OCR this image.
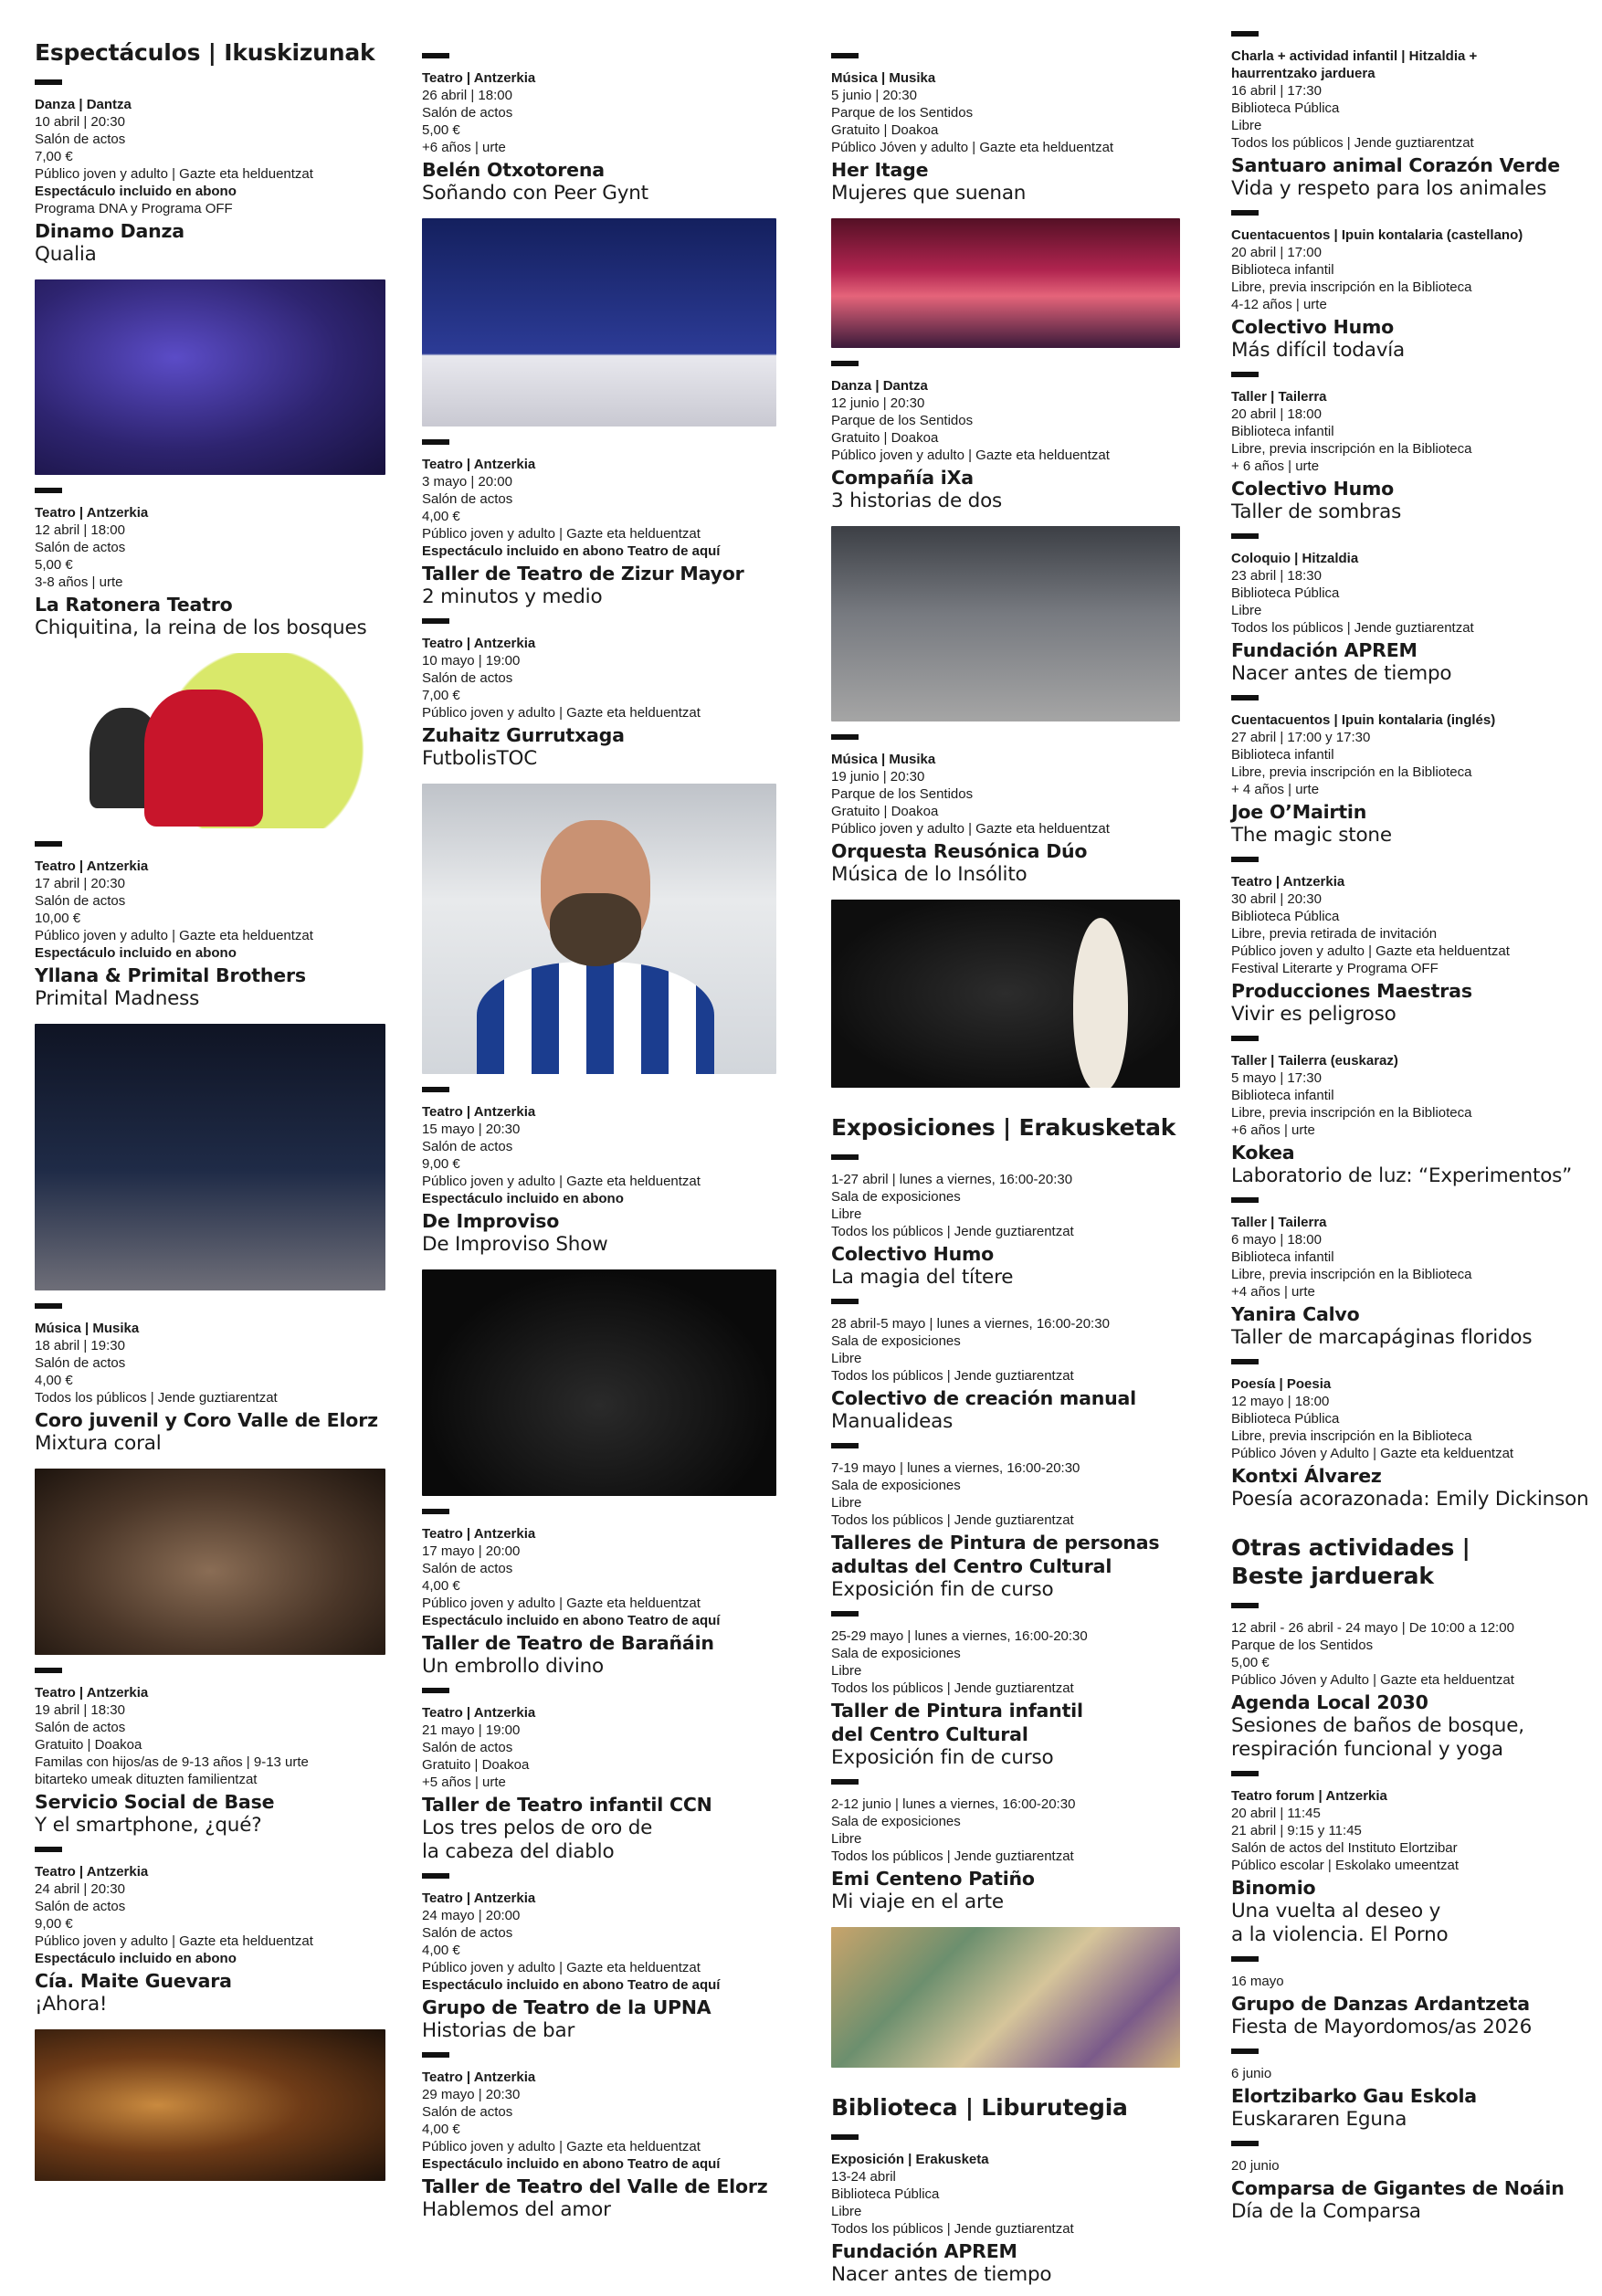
Espectáculos | Ikuskizunak
Danza | Dantza
10 abril | 20:30
Salón de actos
7,00 €
Público joven y adulto | Gazte eta helduentzat
Espectáculo incluido en abono
Programa DNA y Programa OFF
Dinamo Danza
Qualia
Teatro | Antzerkia
12 abril | 18:00
Salón de actos
5,00 €
3-8 años | urte
La Ratonera Teatro
Chiquitina, la reina de los bosques
Teatro | Antzerkia
17 abril | 20:30
Salón de actos
10,00 €
Público joven y adulto | Gazte eta helduentzat
Espectáculo incluido en abono
Yllana & Primital Brothers
Primital Madness
Música | Musika
18 abril | 19:30
Salón de actos
4,00 €
Todos los públicos | Jende guztiarentzat
Coro juvenil y Coro Valle de Elorz
Mixtura coral
Teatro | Antzerkia
19 abril | 18:30
Salón de actos
Gratuito | Doakoa
Familas con hijos/as de 9-13 años | 9-13 urte
bitarteko umeak dituzten familientzat
Servicio Social de Base
Y el smartphone, ¿qué?
Teatro | Antzerkia
24 abril | 20:30
Salón de actos
9,00 €
Público joven y adulto | Gazte eta helduentzat
Espectáculo incluido en abono
Cía. Maite Guevara
¡Ahora!
Teatro | Antzerkia
26 abril | 18:00
Salón de actos
5,00 €
+6 años | urte
Belén Otxotorena
Soñando con Peer Gynt
Teatro | Antzerkia
3 mayo | 20:00
Salón de actos
4,00 €
Público joven y adulto | Gazte eta helduentzat
Espectáculo incluido en abono Teatro de aquí
Taller de Teatro de Zizur Mayor
2 minutos y medio
Teatro | Antzerkia
10 mayo | 19:00
Salón de actos
7,00 €
Público joven y adulto | Gazte eta helduentzat
Zuhaitz Gurrutxaga
FutbolisTOC
Teatro | Antzerkia
15 mayo | 20:30
Salón de actos
9,00 €
Público joven y adulto | Gazte eta helduentzat
Espectáculo incluido en abono
De Improviso
De Improviso Show
Teatro | Antzerkia
17 mayo | 20:00
Salón de actos
4,00 €
Público joven y adulto | Gazte eta helduentzat
Espectáculo incluido en abono Teatro de aquí
Taller de Teatro de Barañáin
Un embrollo divino
Teatro | Antzerkia
21 mayo | 19:00
Salón de actos
Gratuito | Doakoa
+5 años | urte
Taller de Teatro infantil CCN
Los tres pelos de oro de
la cabeza del diablo
Teatro | Antzerkia
24 mayo | 20:00
Salón de actos
4,00 €
Público joven y adulto | Gazte eta helduentzat
Espectáculo incluido en abono Teatro de aquí
Grupo de Teatro de la UPNA
Historias de bar
Teatro | Antzerkia
29 mayo | 20:30
Salón de actos
4,00 €
Público joven y adulto | Gazte eta helduentzat
Espectáculo incluido en abono Teatro de aquí
Taller de Teatro del Valle de Elorz
Hablemos del amor
Música | Musika
5 junio | 20:30
Parque de los Sentidos
Gratuito | Doakoa
Público Jóven y adulto | Gazte eta helduentzat
Her Itage
Mujeres que suenan
Danza | Dantza
12 junio | 20:30
Parque de los Sentidos
Gratuito | Doakoa
Público joven y adulto | Gazte eta helduentzat
Compañía iXa
3 historias de dos
Música | Musika
19 junio | 20:30
Parque de los Sentidos
Gratuito | Doakoa
Público joven y adulto | Gazte eta helduentzat
Orquesta Reusónica Dúo
Música de lo Insólito
Exposiciones | Erakusketak
1-27 abril | lunes a viernes, 16:00-20:30
Sala de exposiciones
Libre
Todos los públicos | Jende guztiarentzat
Colectivo Humo
La magia del títere
28 abril-5 mayo | lunes a viernes, 16:00-20:30
Sala de exposiciones
Libre
Todos los públicos | Jende guztiarentzat
Colectivo de creación manual
Manualideas
7-19 mayo | lunes a viernes, 16:00-20:30
Sala de exposiciones
Libre
Todos los públicos | Jende guztiarentzat
Talleres de Pintura de personas
adultas del Centro Cultural
Exposición fin de curso
25-29 mayo | lunes a viernes, 16:00-20:30
Sala de exposiciones
Libre
Todos los públicos | Jende guztiarentzat
Taller de Pintura infantil
del Centro Cultural
Exposición fin de curso
2-12 junio | lunes a viernes, 16:00-20:30
Sala de exposiciones
Libre
Todos los públicos | Jende guztiarentzat
Emi Centeno Patiño
Mi viaje en el arte
Biblioteca | Liburutegia
Exposición | Erakusketa
13-24 abril
Biblioteca Pública
Libre
Todos los públicos | Jende guztiarentzat
Fundación APREM
Nacer antes de tiempo
Charla + actividad infantil | Hitzaldia +
haurrentzako jarduera
16 abril | 17:30
Biblioteca Pública
Libre
Todos los públicos | Jende guztiarentzat
Santuaro animal Corazón Verde
Vida y respeto para los animales
Cuentacuentos | Ipuin kontalaria (castellano)
20 abril | 17:00
Biblioteca infantil
Libre, previa inscripción en la Biblioteca
4-12 años | urte
Colectivo Humo
Más difícil todavía
Taller | Tailerra
20 abril | 18:00
Biblioteca infantil
Libre, previa inscripción en la Biblioteca
+ 6 años | urte
Colectivo Humo
Taller de sombras
Coloquio | Hitzaldia
23 abril | 18:30
Biblioteca Pública
Libre
Todos los públicos | Jende guztiarentzat
Fundación APREM
Nacer antes de tiempo
Cuentacuentos | Ipuin kontalaria (inglés)
27 abril | 17:00 y 17:30
Biblioteca infantil
Libre, previa inscripción en la Biblioteca
+ 4 años | urte
Joe O’Mairtin
The magic stone
Teatro | Antzerkia
30 abril | 20:30
Biblioteca Pública
Libre, previa retirada de invitación
Público joven y adulto | Gazte eta helduentzat
Festival Literarte y Programa OFF
Producciones Maestras
Vivir es peligroso
Taller | Tailerra (euskaraz)
5 mayo | 17:30
Biblioteca infantil
Libre, previa inscripción en la Biblioteca
+6 años | urte
Kokea
Laboratorio de luz: “Experimentos”
Taller | Tailerra
6 mayo | 18:00
Biblioteca infantil
Libre, previa inscripción en la Biblioteca
+4 años | urte
Yanira Calvo
Taller de marcapáginas floridos
Poesía | Poesia
12 mayo | 18:00
Biblioteca Pública
Libre, previa inscripción en la Biblioteca
Público Jóven y Adulto | Gazte eta kelduentzat
Kontxi Álvarez
Poesía acorazonada: Emily Dickinson
Otras actividades |
Beste jarduerak
12 abril - 26 abril - 24 mayo | De 10:00 a 12:00
Parque de los Sentidos
5,00 €
Público Jóven y Adulto | Gazte eta helduentzat
Agenda Local 2030
Sesiones de baños de bosque,
respiración funcional y yoga
Teatro forum | Antzerkia
20 abril | 11:45
21 abril | 9:15 y 11:45
Salón de actos del Instituto Elortzibar
Público escolar | Eskolako umeentzat
Binomio
Una vuelta al deseo y
a la violencia. El Porno
16 mayo
Grupo de Danzas Ardantzeta
Fiesta de Mayordomos/as 2026
6 junio
Elortzibarko Gau Eskola
Euskararen Eguna
20 junio
Comparsa de Gigantes de Noáin
Día de la Comparsa
